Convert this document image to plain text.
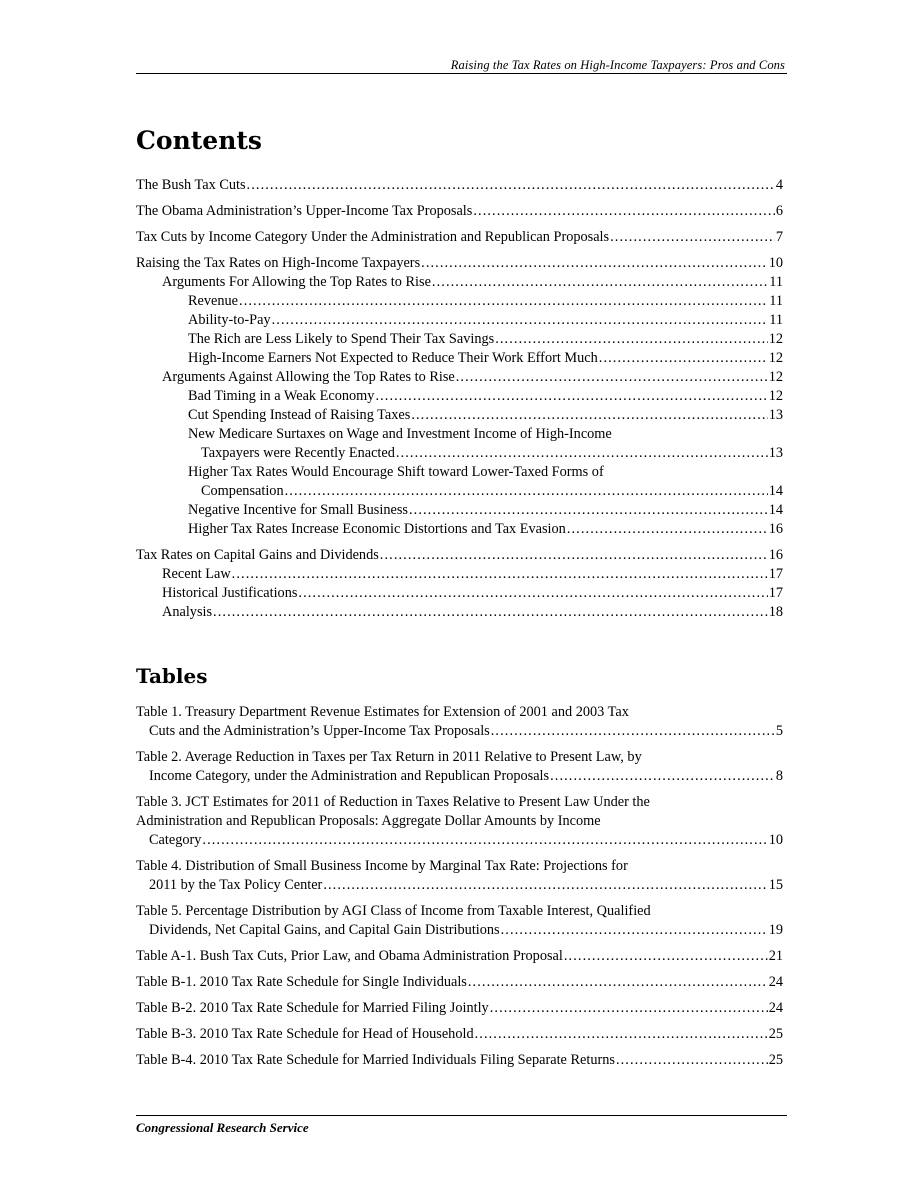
Raising the Tax Rates on High-Income Taxpayers: Pros and Cons
Contents
The Bush Tax Cuts .....	4
The Obama Administration’s Upper-Income Tax Proposals .....	6
Tax Cuts by Income Category Under the Administration and Republican Proposals .....	7
Raising the Tax Rates on High-Income Taxpayers .....	10
Arguments For Allowing the Top Rates to Rise .....	11
Revenue .....	11
Ability-to-Pay .....	11
The Rich are Less Likely to Spend Their Tax Savings .....	12
High-Income Earners Not Expected to Reduce Their Work Effort Much .....	12
Arguments Against Allowing the Top Rates to Rise .....	12
Bad Timing in a Weak Economy .....	12
Cut Spending Instead of Raising Taxes .....	13
New Medicare Surtaxes on Wage and Investment Income of High-Income
Taxpayers were Recently Enacted .....	13
Higher Tax Rates Would Encourage Shift toward Lower-Taxed Forms of
Compensation .....	14
Negative Incentive for Small Business .....	14
Higher Tax Rates Increase Economic Distortions and Tax Evasion .....	16
Tax Rates on Capital Gains and Dividends .....	16
Recent Law .....	17
Historical Justifications .....	17
Analysis .....	18
Tables
Table 1. Treasury Department Revenue Estimates for Extension of 2001 and 2003 Tax
Cuts and the Administration’s Upper-Income Tax Proposals .....	5
Table 2. Average Reduction in Taxes per Tax Return in 2011 Relative to Present Law, by
Income Category, under the Administration and Republican Proposals .....	8
Table 3. JCT Estimates for 2011 of Reduction in Taxes Relative to Present Law Under the
Administration and Republican Proposals: Aggregate Dollar Amounts by Income
Category .....	10
Table 4. Distribution of Small Business Income by Marginal Tax Rate: Projections for
2011 by the Tax Policy Center .....	15
Table 5. Percentage Distribution by AGI Class of Income from Taxable Interest, Qualified
Dividends, Net Capital Gains, and Capital Gain Distributions .....	19
Table A-1. Bush Tax Cuts, Prior Law, and Obama Administration Proposal .....	21
Table B-1. 2010 Tax Rate Schedule for Single Individuals .....	24
Table B-2. 2010 Tax Rate Schedule for Married Filing Jointly .....	24
Table B-3. 2010 Tax Rate Schedule for Head of Household .....	25
Table B-4. 2010 Tax Rate Schedule for Married Individuals Filing Separate Returns .....	25
Congressional Research Service
